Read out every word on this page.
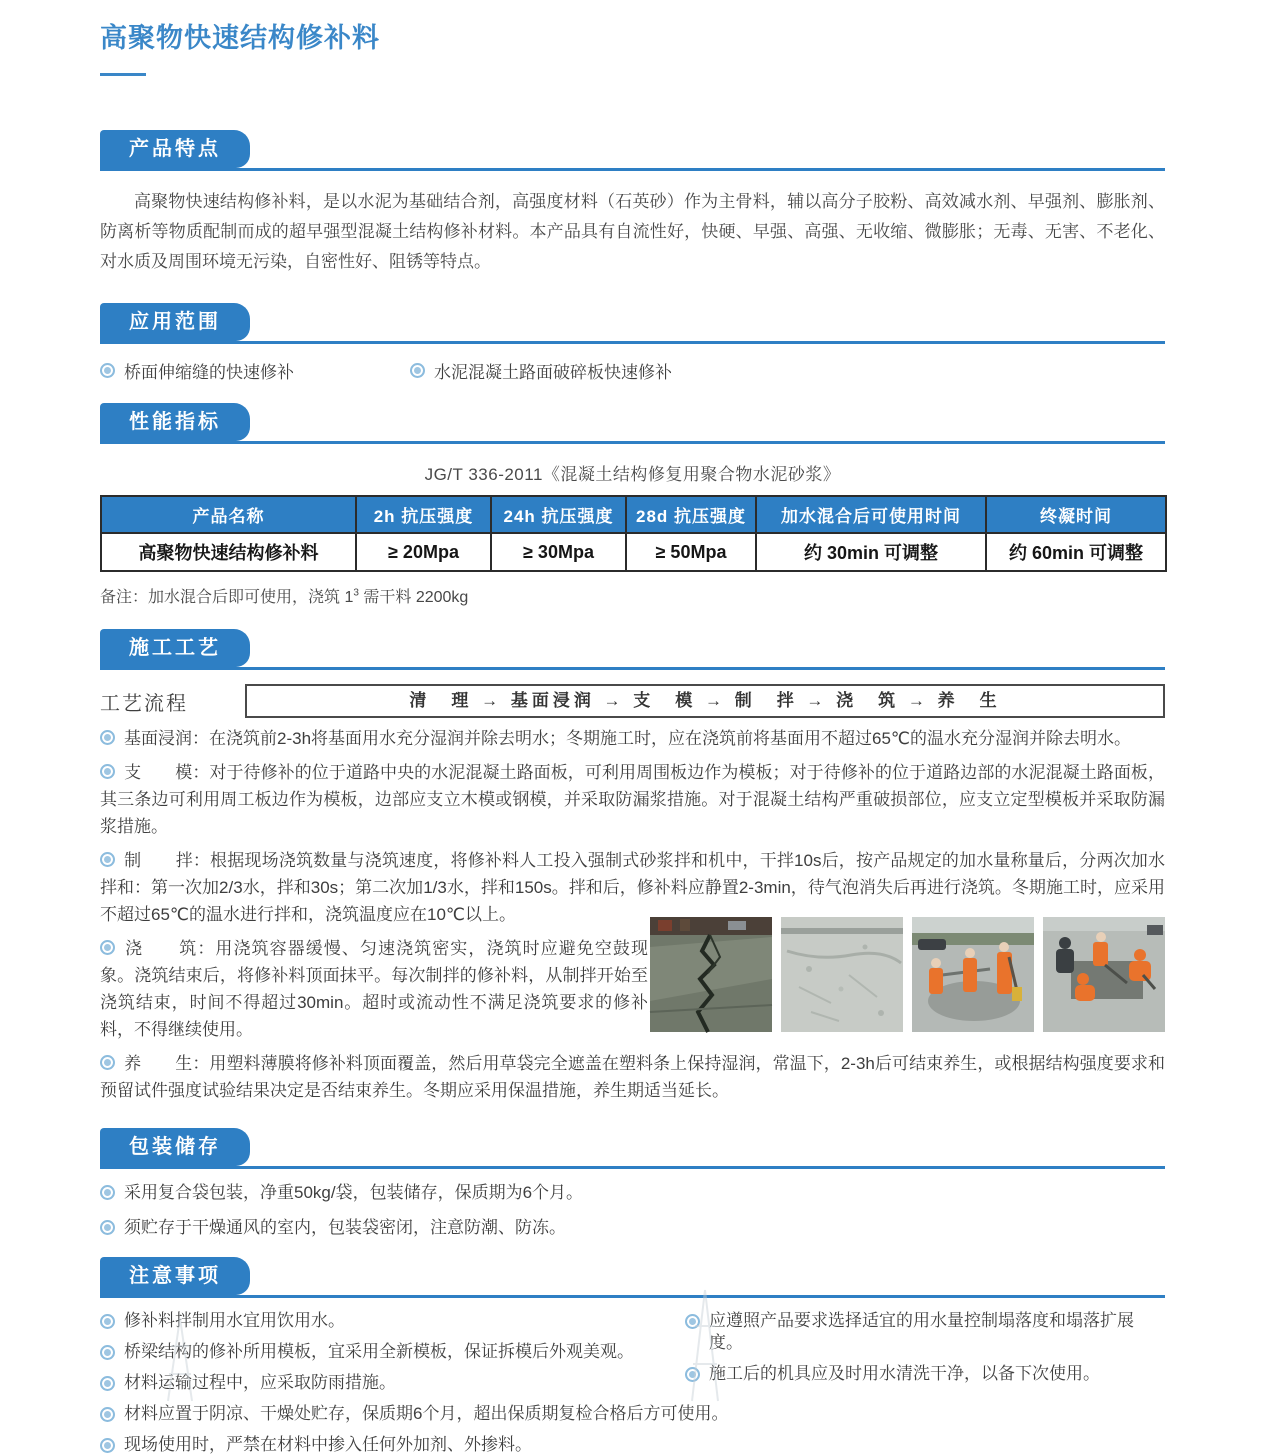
高聚物快速结构修补料
产品特点

高聚物快速结构修补料，是以水泥为基础结合剂，高强度材料（石英砂）作为主骨料，辅以高分子胶粉、高效减水剂、早强剂、膨胀剂、防离析等物质配制而成的超早强型混凝土结构修补材料。本产品具有自流性好，快硬、早强、高强、无收缩、微膨胀；无毒、无害、不老化、对水质及周围环境无污染，自密性好、阻锈等特点。

应用范围
桥面伸缩缝的快速修补	水泥混凝土路面破碎板快速修补
性能指标
JG/T 336-2011《混凝土结构修复用聚合物水泥砂浆》
产品名称	2h 抗压强度	24h 抗压强度	28d 抗压强度	加水混合后可使用时间	终凝时间
高聚物快速结构修补料	≥ 20Mpa	≥ 30Mpa	≥ 50Mpa	约 30min 可调整	约 60min 可调整
备注：加水混合后即可使用，浇筑 $1^3$ 需干料 2200kg
施工工艺
工艺流程	清　理 → 基面浸润 → 支　模 → 制　拌 → 浇　筑 → 养　生
基面浸润：在浇筑前2-3h将基面用水充分湿润并除去明水；冬期施工时，应在浇筑前将基面用不超过65℃的温水充分湿润并除去明水。
支　　模：对于待修补的位于道路中央的水泥混凝土路面板，可利用周围板边作为模板；对于待修补的位于道路边部的水泥混凝土路面板，其三条边可利用周工板边作为模板，边部应支立木模或钢模，并采取防漏浆措施。对于混凝土结构严重破损部位，应支立定型模板并采取防漏浆措施。
制　　拌：根据现场浇筑数量与浇筑速度，将修补料人工投入强制式砂浆拌和机中，干拌10s后，按产品规定的加水量称量后，分两次加水拌和：第一次加2/3水，拌和30s；第二次加1/3水，拌和150s。拌和后，修补料应静置2-3min，待气泡消失后再进行浇筑。冬期施工时，应采用不超过65℃的温水进行拌和，浇筑温度应在10℃以上。
浇　　筑：用浇筑容器缓慢、匀速浇筑密实，浇筑时应避免空鼓现象。浇筑结束后，将修补料顶面抹平。每次制拌的修补料，从制拌开始至浇筑结束，时间不得超过30min。超时或流动性不满足浇筑要求的修补料，不得继续使用。
养　　生：用塑料薄膜将修补料顶面覆盖，然后用草袋完全遮盖在塑料条上保持湿润，常温下，2-3h后可结束养生，或根据结构强度要求和预留试件强度试验结果决定是否结束养生。冬期应采用保温措施，养生期适当延长。
包装储存
采用复合袋包装，净重50kg/袋，包装储存，保质期为6个月。
须贮存于干燥通风的室内，包装袋密闭，注意防潮、防冻。
注意事项
修补料拌制用水宜用饮用水。
桥梁结构的修补所用模板，宜采用全新模板，保证拆模后外观美观。
材料运输过程中，应采取防雨措施。
材料应置于阴凉、干燥处贮存，保质期6个月，超出保质期复检合格后方可使用。
现场使用时，严禁在材料中掺入任何外加剂、外掺料。
应遵照产品要求选择适宜的用水量控制塌落度和塌落扩展度。
施工后的机具应及时用水清洗干净，以备下次使用。
